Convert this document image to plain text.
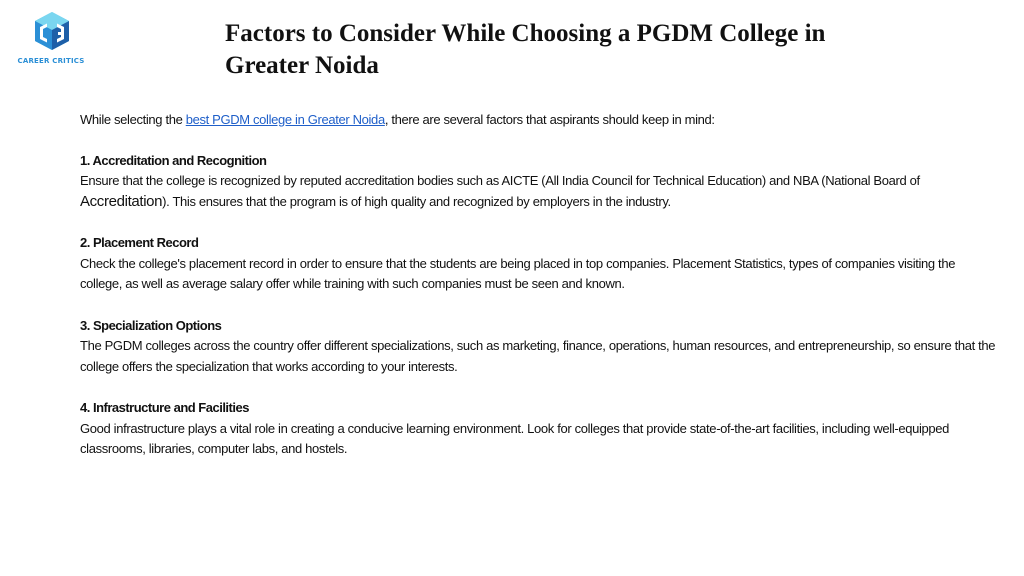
CAREER CRITICS
Factors to Consider While Choosing a PGDM College in Greater Noida

While selecting the best PGDM college in Greater Noida, there are several factors that aspirants should keep in mind:

1. Accreditation and Recognition

Ensure that the college is recognized by reputed accreditation bodies such as AICTE (All India Council for Technical Education) and NBA (National Board of Accreditation). This ensures that the program is of high quality and recognized by employers in the industry.

2. Placement Record

Check the college's placement record in order to ensure that the students are being placed in top companies. Placement Statistics, types of companies visiting the college, as well as average salary offer while training with such companies must be seen and known.

3. Specialization Options

The PGDM colleges across the country offer different specializations, such as marketing, finance, operations, human resources, and entrepreneurship, so ensure that the college offers the specialization that works according to your interests.

4. Infrastructure and Facilities

Good infrastructure plays a vital role in creating a conducive learning environment. Look for colleges that provide state-of-the-art facilities, including well-equipped classrooms, libraries, computer labs, and hostels.
